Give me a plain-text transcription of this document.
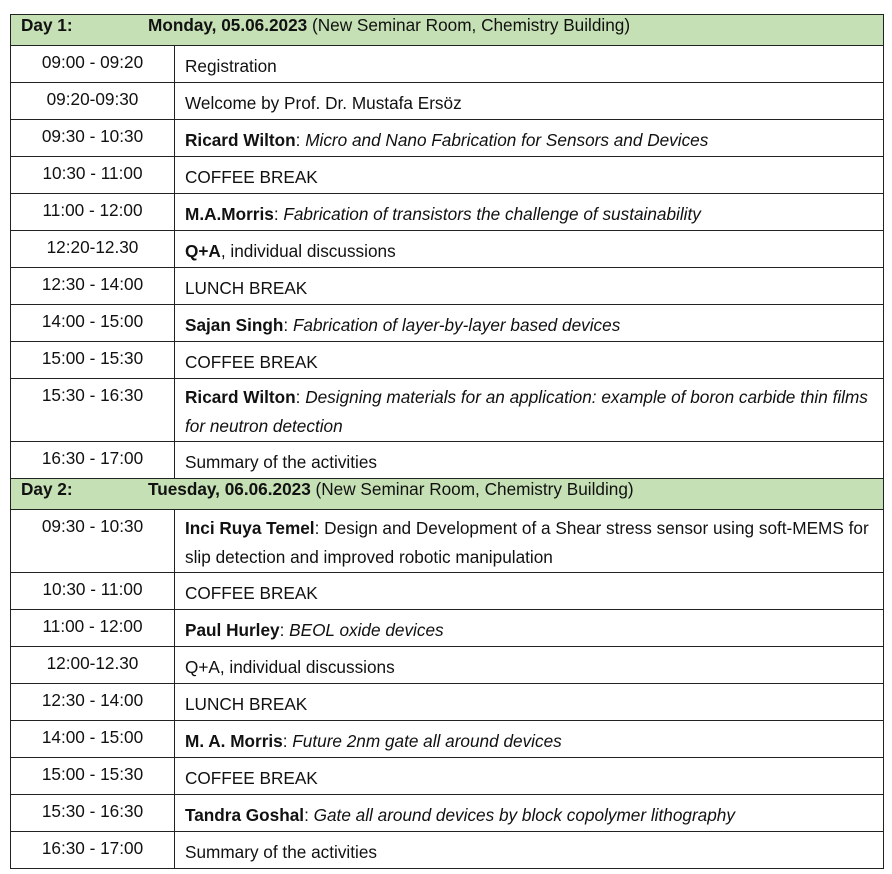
Day 1: Monday, 05.06.2023 (New Seminar Room, Chemistry Building)	
09:00 - 09:20	Registration
09:20-09:30	Welcome by Prof. Dr. Mustafa Ersöz
09:30 - 10:30	Ricard Wilton: Micro and Nano Fabrication for Sensors and Devices
10:30 - 11:00	COFFEE BREAK
11:00 - 12:00	M.A.Morris: Fabrication of transistors the challenge of sustainability
12:20-12.30	Q+A, individual discussions
12:30 - 14:00	LUNCH BREAK
14:00 - 15:00	Sajan Singh: Fabrication of layer-by-layer based devices
15:00 - 15:30	COFFEE BREAK
15:30 - 16:30	Ricard Wilton: Designing materials for an application: example of boron carbide thin films for neutron detection
16:30 - 17:00	Summary of the activities
Day 2: Tuesday, 06.06.2023 (New Seminar Room, Chemistry Building)	
09:30 - 10:30	Inci Ruya Temel: Design and Development of a Shear stress sensor using soft-MEMS for slip detection and improved robotic manipulation
10:30 - 11:00	COFFEE BREAK
11:00 - 12:00	Paul Hurley: BEOL oxide devices
12:00-12.30	Q+A, individual discussions
12:30 - 14:00	LUNCH BREAK
14:00 - 15:00	M. A. Morris: Future 2nm gate all around devices
15:00 - 15:30	COFFEE BREAK
15:30 - 16:30	Tandra Goshal: Gate all around devices by block copolymer lithography
16:30 - 17:00	Summary of the activities
